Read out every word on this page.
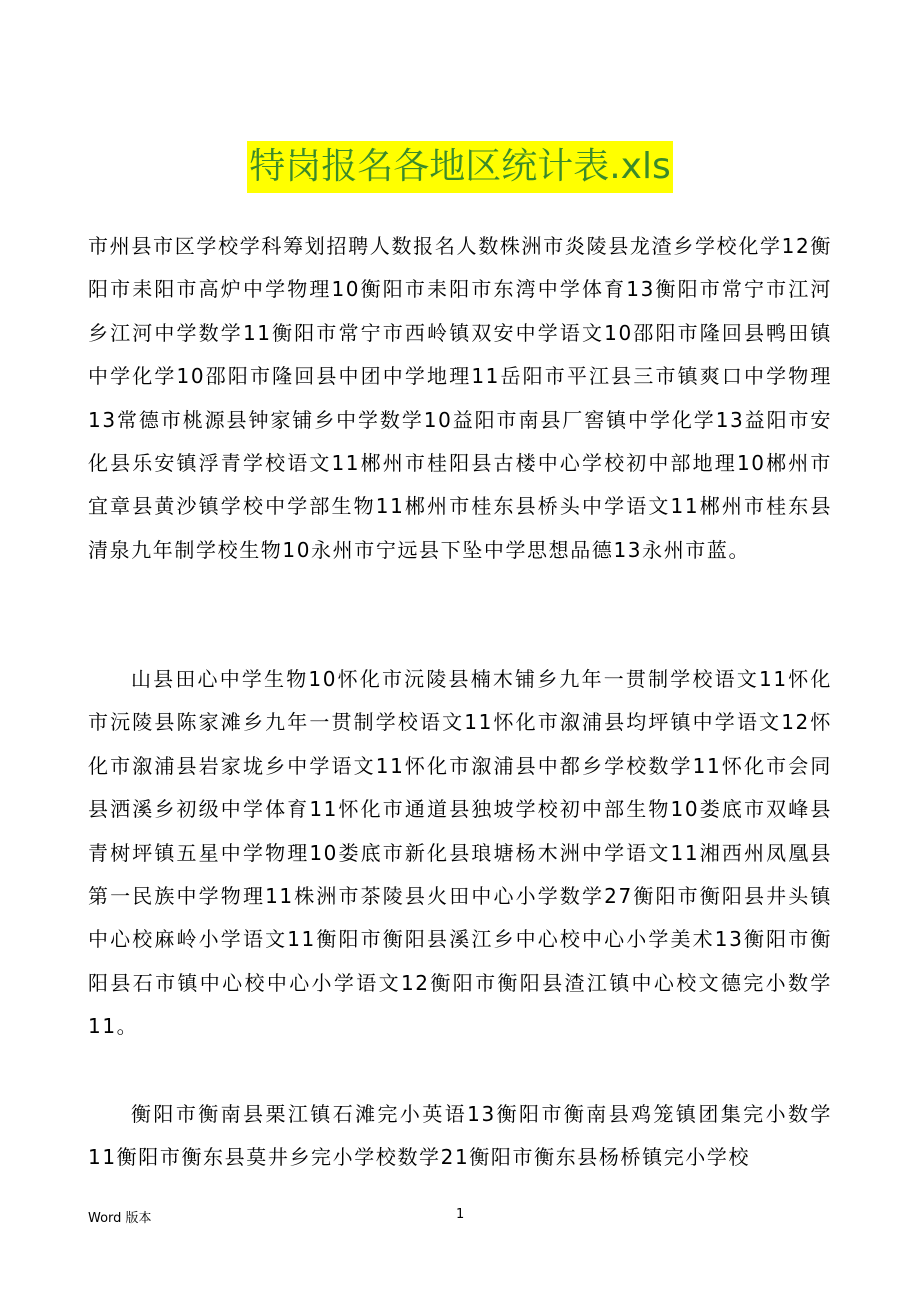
特岗报名各地区统计表.xls

市州县市区学校学科筹划招聘人数报名人数株洲市炎陵县龙渣乡学校化学12衡阳市耒阳市高炉中学物理10衡阳市耒阳市东湾中学体育13衡阳市常宁市江河乡江河中学数学11衡阳市常宁市西岭镇双安中学语文10邵阳市隆回县鸭田镇中学化学10邵阳市隆回县中团中学地理11岳阳市平江县三市镇爽口中学物理13常德市桃源县钟家铺乡中学数学10益阳市南县厂窖镇中学化学13益阳市安化县乐安镇浮青学校语文11郴州市桂阳县古楼中心学校初中部地理10郴州市宜章县黄沙镇学校中学部生物11郴州市桂东县桥头中学语文11郴州市桂东县清泉九年制学校生物10永州市宁远县下坠中学思想品德13永州市蓝。

山县田心中学生物10怀化市沅陵县楠木铺乡九年一贯制学校语文11怀化市沅陵县陈家滩乡九年一贯制学校语文11怀化市溆浦县均坪镇中学语文12怀化市溆浦县岩家垅乡中学语文11怀化市溆浦县中都乡学校数学11怀化市会同县洒溪乡初级中学体育11怀化市通道县独坡学校初中部生物10娄底市双峰县青树坪镇五星中学物理10娄底市新化县琅塘杨木洲中学语文11湘西州凤凰县第一民族中学物理11株洲市茶陵县火田中心小学数学27衡阳市衡阳县井头镇中心校麻岭小学语文11衡阳市衡阳县溪江乡中心校中心小学美术13衡阳市衡阳县石市镇中心校中心小学语文12衡阳市衡阳县渣江镇中心校文德完小数学11。

衡阳市衡南县栗江镇石滩完小英语13衡阳市衡南县鸡笼镇团集完小数学11衡阳市衡东县莫井乡完小学校数学21衡阳市衡东县杨桥镇完小学校

Word 版本	1
